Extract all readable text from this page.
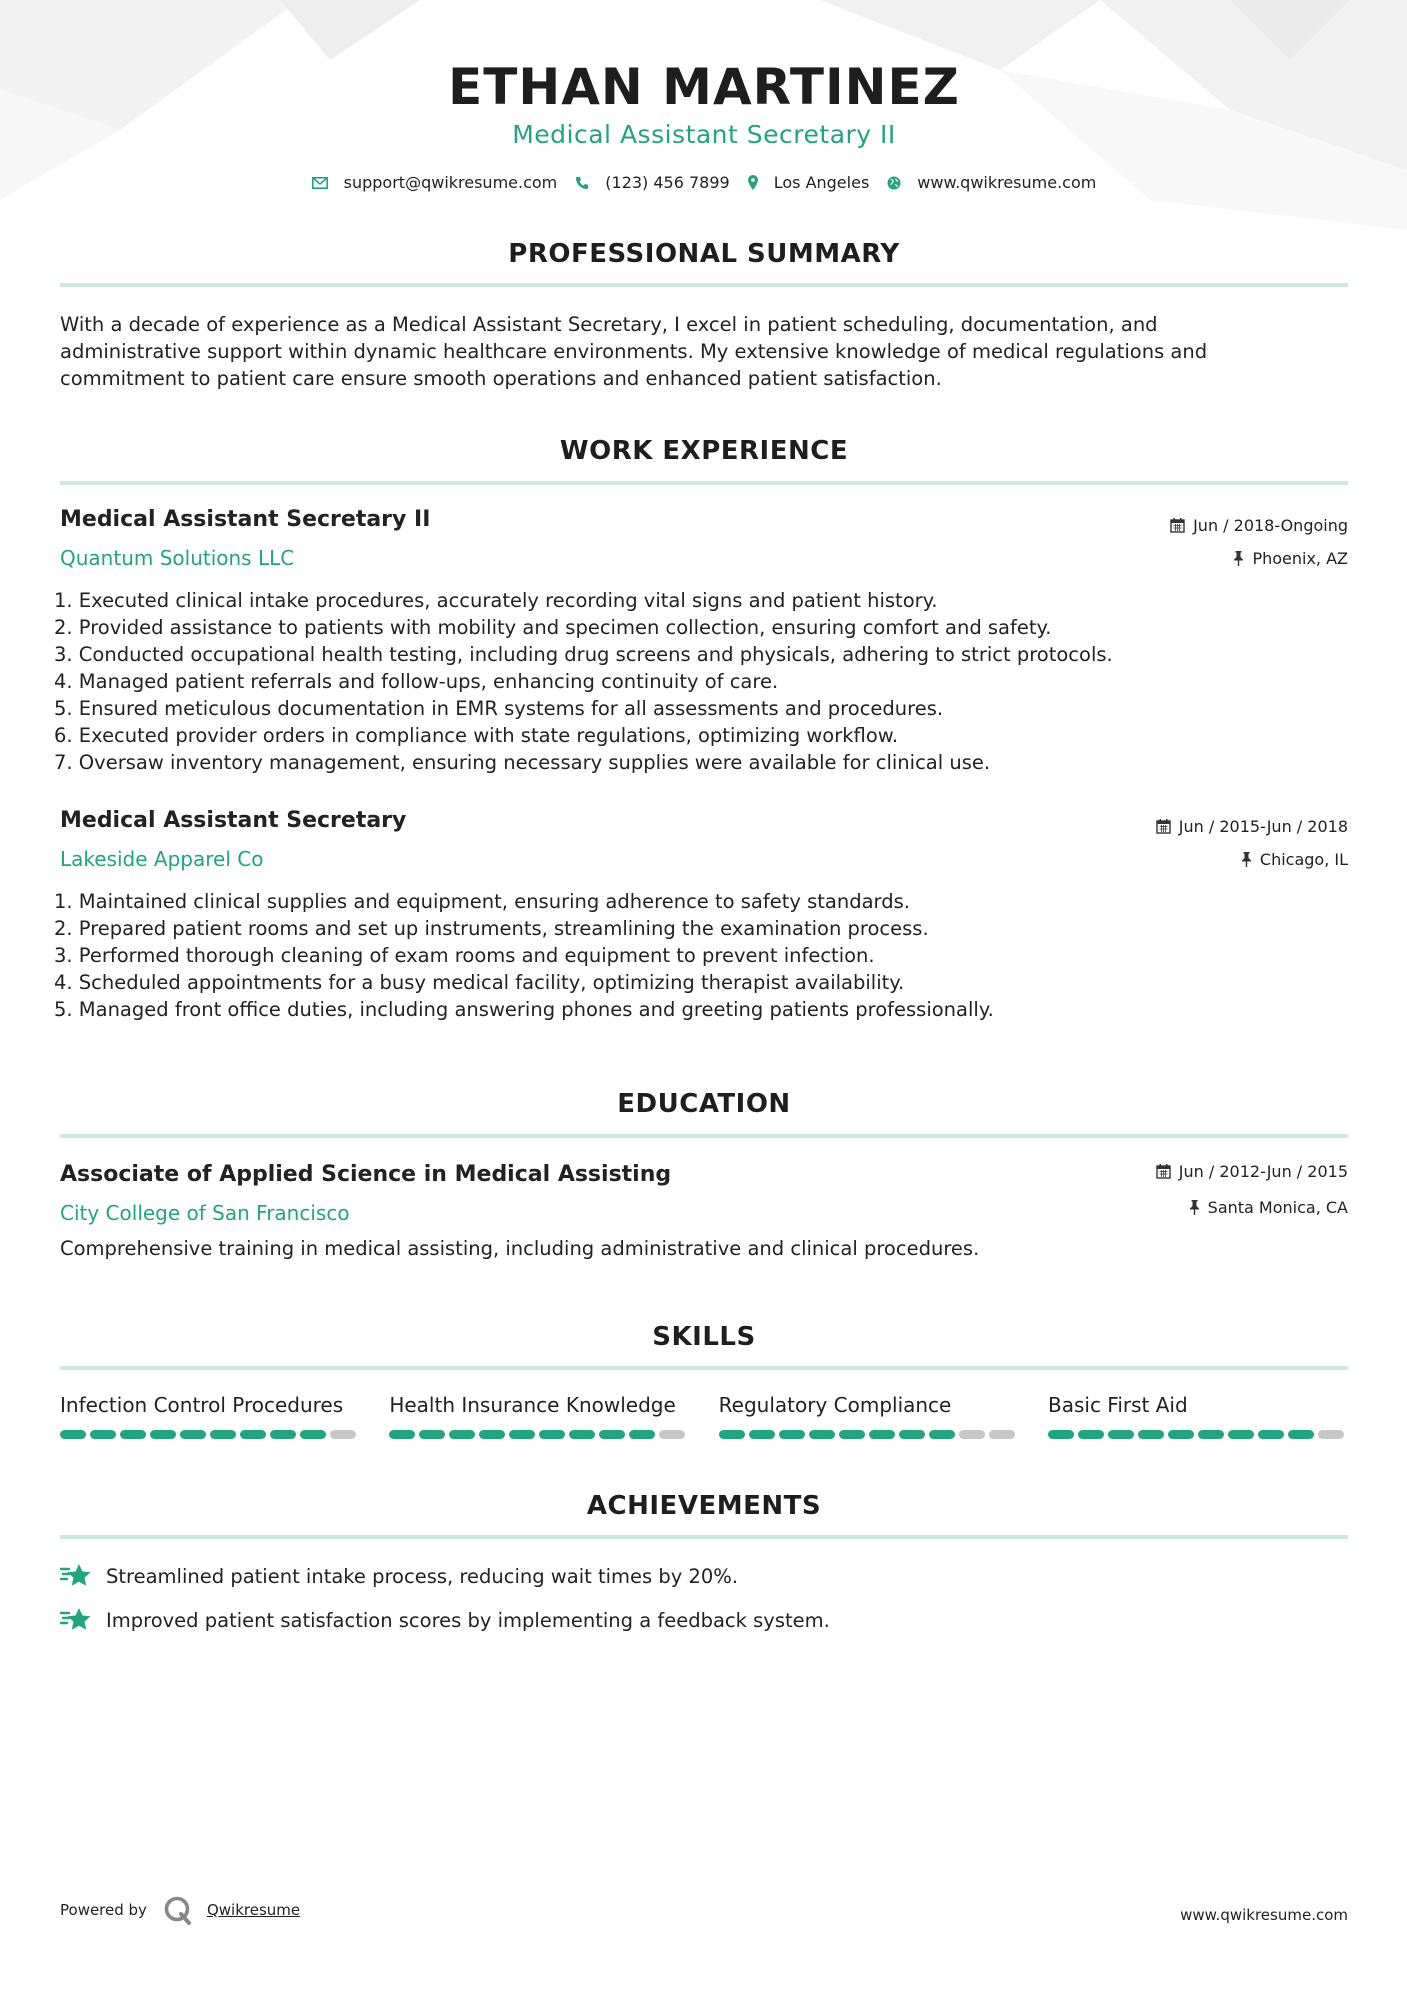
ETHAN MARTINEZ
Medical Assistant Secretary II
support@qwikresume.com	(123) 456 7899	Los Angeles	www.qwikresume.com
PROFESSIONAL SUMMARY
With a decade of experience as a Medical Assistant Secretary, I excel in patient scheduling, documentation, and
administrative support within dynamic healthcare environments. My extensive knowledge of medical regulations and
commitment to patient care ensure smooth operations and enhanced patient satisfaction.
WORK EXPERIENCE
Medical Assistant Secretary II
Quantum Solutions LLC
Jun / 2018-Ongoing
Phoenix, AZ
1. Executed clinical intake procedures, accurately recording vital signs and patient history.
2. Provided assistance to patients with mobility and specimen collection, ensuring comfort and safety.
3. Conducted occupational health testing, including drug screens and physicals, adhering to strict protocols.
4. Managed patient referrals and follow-ups, enhancing continuity of care.
5. Ensured meticulous documentation in EMR systems for all assessments and procedures.
6. Executed provider orders in compliance with state regulations, optimizing workflow.
7. Oversaw inventory management, ensuring necessary supplies were available for clinical use.
Medical Assistant Secretary
Lakeside Apparel Co
Jun / 2015-Jun / 2018
Chicago, IL
1. Maintained clinical supplies and equipment, ensuring adherence to safety standards.
2. Prepared patient rooms and set up instruments, streamlining the examination process.
3. Performed thorough cleaning of exam rooms and equipment to prevent infection.
4. Scheduled appointments for a busy medical facility, optimizing therapist availability.
5. Managed front office duties, including answering phones and greeting patients professionally.
EDUCATION
Associate of Applied Science in Medical Assisting
City College of San Francisco
Jun / 2012-Jun / 2015
Santa Monica, CA
Comprehensive training in medical assisting, including administrative and clinical procedures.
SKILLS
Infection Control Procedures	Health Insurance Knowledge	Regulatory Compliance	Basic First Aid
ACHIEVEMENTS
Streamlined patient intake process, reducing wait times by 20%.
Improved patient satisfaction scores by implementing a feedback system.
Powered by	Qwikresume	www.qwikresume.com
